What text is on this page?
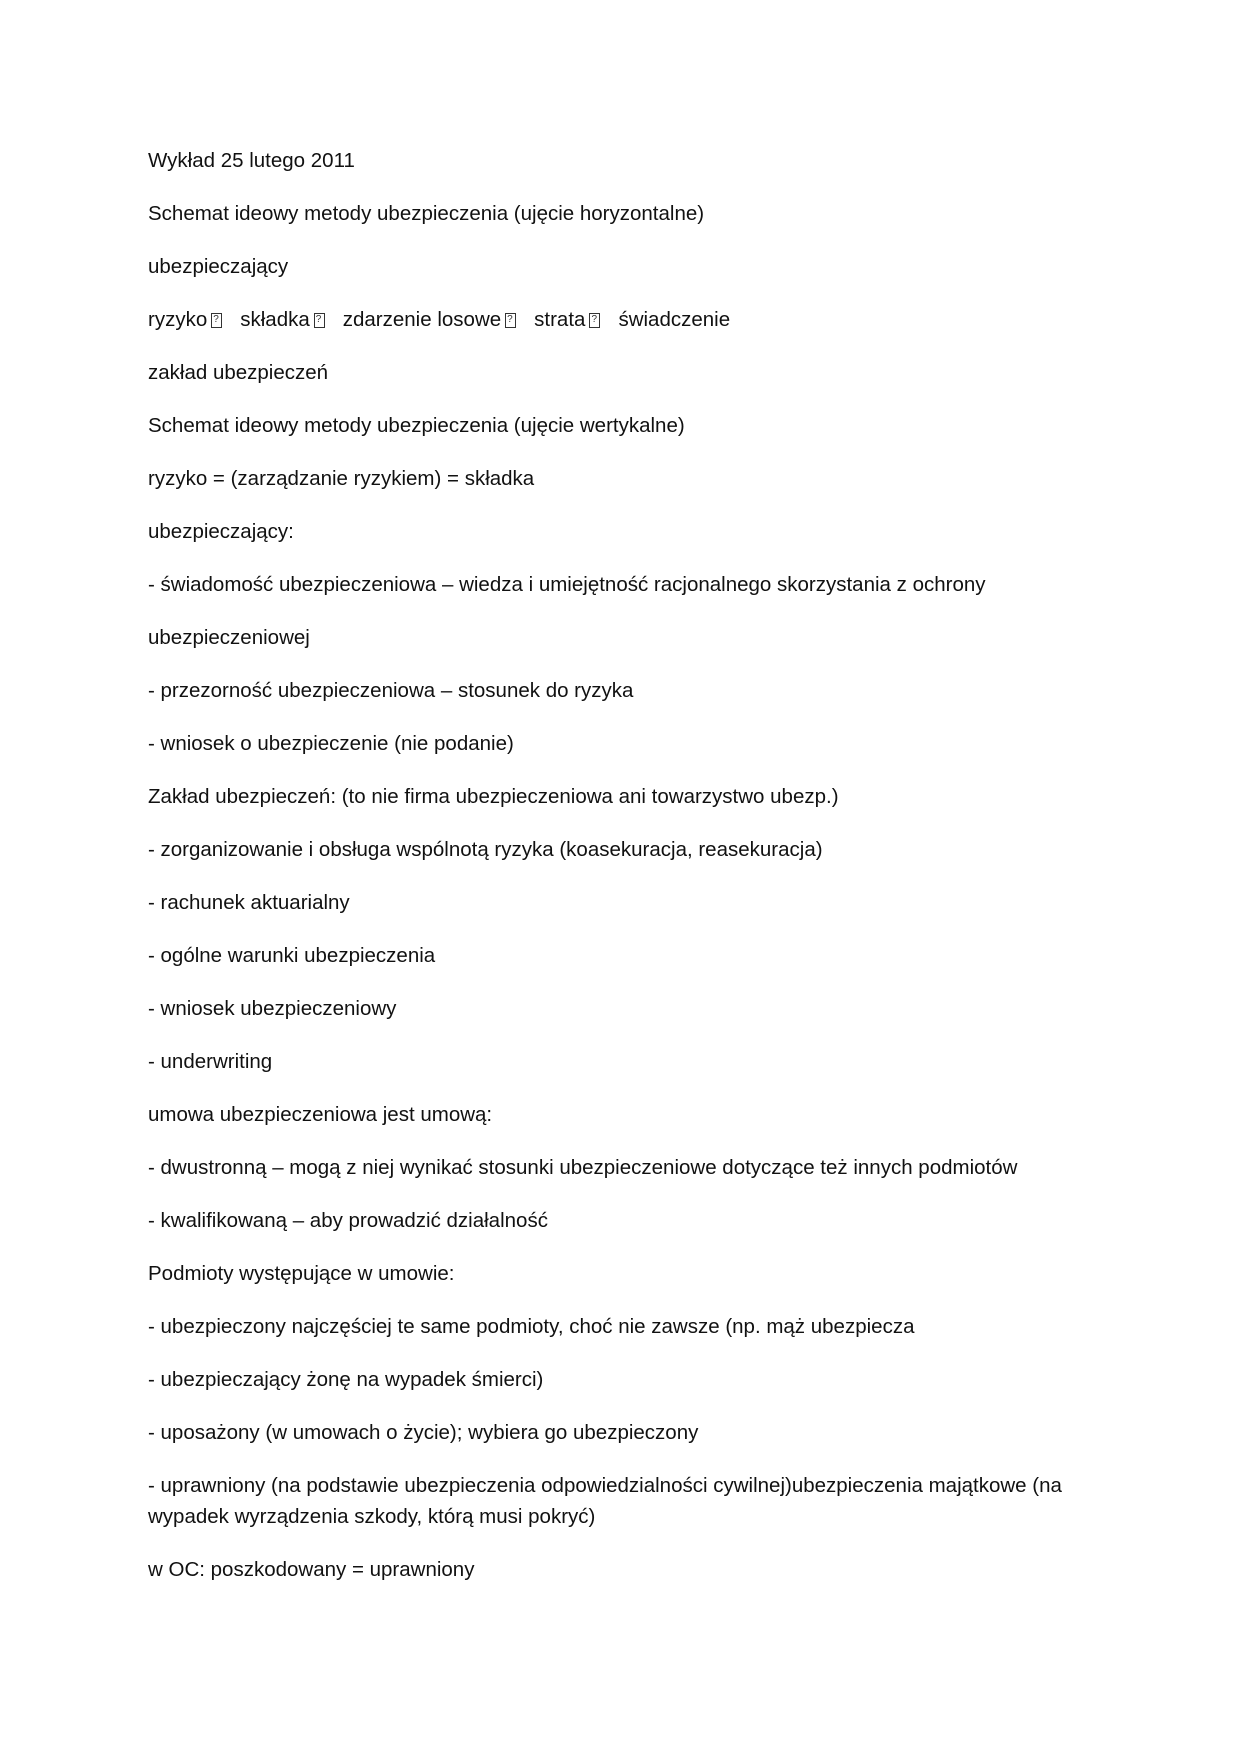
Wykład 25 lutego 2011
Schemat ideowy metody ubezpieczenia (ujęcie horyzontalne)
ubezpieczający
ryzyko ? składka ? zdarzenie losowe ? strata ? świadczenie
zakład ubezpieczeń
Schemat ideowy metody ubezpieczenia (ujęcie wertykalne)
ryzyko = (zarządzanie ryzykiem) = składka
ubezpieczający:
- świadomość ubezpieczeniowa – wiedza i umiejętność racjonalnego skorzystania z ochrony
ubezpieczeniowej
- przezorność ubezpieczeniowa – stosunek do ryzyka
- wniosek o ubezpieczenie (nie podanie)
Zakład ubezpieczeń: (to nie firma ubezpieczeniowa ani towarzystwo ubezp.)
- zorganizowanie i obsługa wspólnotą ryzyka (koasekuracja, reasekuracja)
- rachunek aktuarialny
- ogólne warunki ubezpieczenia
- wniosek ubezpieczeniowy
- underwriting
umowa ubezpieczeniowa jest umową:
- dwustronną – mogą z niej wynikać stosunki ubezpieczeniowe dotyczące też innych podmiotów
- kwalifikowaną – aby prowadzić działalność
Podmioty występujące w umowie:
- ubezpieczony najczęściej te same podmioty, choć nie zawsze (np. mąż ubezpiecza
- ubezpieczający żonę na wypadek śmierci)
- uposażony (w umowach o życie); wybiera go ubezpieczony
- uprawniony (na podstawie ubezpieczenia odpowiedzialności cywilnej)ubezpieczenia majątkowe (na wypadek wyrządzenia szkody, którą musi pokryć)
w OC: poszkodowany = uprawniony
